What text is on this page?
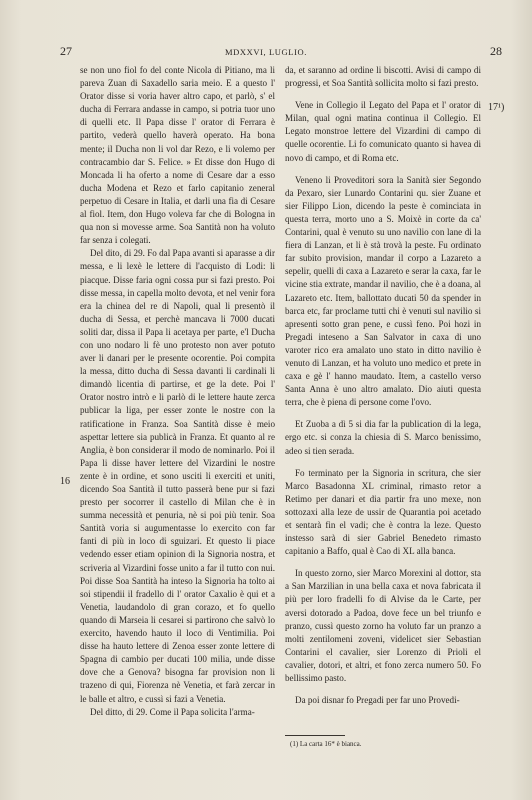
27	MDXXVI, LUGLIO.	28

se non uno fiol fo del conte Nicola di Pitiano, ma li pareva Zuan di Saxadello saria meio. E a questo l' Orator disse si voria haver altro capo, et parlò, s' el ducha di Ferrara andasse in campo, si potria tuor uno di quelli etc. Il Papa disse l' orator di Ferrara è partito, vederà quello haverà operato. Ha bona mente; il Ducha non li vol dar Rezo, e li volemo per contracambio dar S. Felice. » Et disse don Hugo di Moncada li ha oferto a nome di Cesare dar a esso ducha Modena et Rezo et farlo capitanio zeneral perpetuo di Cesare in Italia, et darli una fia di Cesare al fiol. Item, don Hugo voleva far che di Bologna in qua non si movesse arme. Soa Santità non ha voluto far senza i colegati.

Del dito, di 29. Fo dal Papa avanti si aparasse a dir messa, e li lexè le lettere di l'acquisto di Lodi: li piacque. Disse faria ogni cossa pur si fazi presto. Poi disse messa, in capella molto devota, et nel venir fora era la chinea del re di Napoli, qual li presentò il ducha di Sessa, et perchè mancava li 7000 ducati soliti dar, dissa il Papa li acetaya per parte, e'l Ducha con uno nodaro li fè uno protesto non aver potuto aver li danari per le presente ocorentie. Poi compita la messa, ditto ducha di Sessa davanti li cardinali li dimandò licentia di partirse, et ge la dete. Poi l' Orator nostro intrò e li parlò di le lettere haute zerca publicar la liga, per esser zonte le nostre con la ratificatione in Franza. Soa Santità disse è meio aspettar lettere sia publicà in Franza. Et quanto al re Anglia, è bon considerar il modo de nominarlo. Poi il Papa li disse haver lettere del Vizardini le nostre zente è in ordine, et sono usciti li exerciti et uniti, dicendo Soa Santità il tutto passerà bene pur si fazi presto per socorrer il castello di Milan che è in summa necessità et penuria, nè si poi più tenir. Soa Santità voria si augumentasse lo exercito con far fanti di più in loco di sguizari. Et questo li piace vedendo esser etiam opinion di la Signoria nostra, et scriveria al Vizardini fosse unito a far il tutto con nui. Poi disse Soa Santità ha inteso la Signoria ha tolto ai soi stipendii il fradello di l' orator Caxalio è qui et a Venetia, laudandolo di gran corazo, et fo quello quando di Marseia li cesarei si partirono che salvò lo exercito, havendo hauto il loco di Ventimilia. Poi disse ha hauto lettere di Zenoa esser zonte lettere di Spagna di cambio per ducati 100 milia, unde disse dove che a Genova? bisogna far provision non li trazeno di qui, Fiorenza nè Venetia, et farà zercar in le balle et altro, e cussì si fazi a Venetia.

Del ditto, di 29. Come il Papa solicita l'arma-

da, et saranno ad ordine li biscotti. Avisi di campo di progressi, et Soa Santità sollicita molto si fazi presto.

Vene in Collegio il Legato del Papa et l' orator di Milan, qual ogni matina continua il Collegio. El Legato monstroe lettere del Vizardini di campo di quelle ocorentie. Li fo comunicato quanto si havea di novo di campo, et di Roma etc.

Veneno li Proveditori sora la Sanità sier Segondo da Pexaro, sier Lunardo Contarini qu. sier Zuane et sier Filippo Lion, dicendo la peste è cominciata in questa terra, morto uno a S. Moixè in corte da ca' Contarini, qual è venuto su uno navilio con lane di la fiera di Lanzan, et li è stà trovà la peste. Fu ordinato far subito provision, mandar il corpo a Lazareto a sepelir, quelli di caxa a Lazareto e serar la caxa, far le vicine stia extrate, mandar il navilio, che è a doana, al Lazareto etc. Item, ballottato ducati 50 da spender in barca etc, far proclame tutti chi è venuti sul navilio si apresenti sotto gran pene, e cussì feno. Poi hozi in Pregadi inteseno a San Salvator in caxa di uno varoter rico era amalato uno stato in ditto navilio è venuto di Lanzan, et ha voluto uno medico et prete in caxa e gè l' hanno maudato. Item, a castello verso Santa Anna è uno altro amalato. Dio aiuti questa terra, che è piena di persone come l'ovo.

Et Zuoba a dì 5 si dia far la publication di la lega, ergo etc. si conza la chiesia di S. Marco benissimo, adeo si tien serada.

Fo terminato per la Signoria in scritura, che sier Marco Basadonna XL criminal, rimasto retor a Retimo per danari et dia partir fra uno mexe, non sottozaxi alla leze de ussir de Quarantia poi acetado et sentarà fin el vadi; che è contra la leze. Questo instesso sarà di sier Gabriel Benedeto rimasto capitanio a Baffo, qual è Cao di XL alla banca.

In questo zorno, sier Marco Morexini al dottor, sta a San Marzilian in una bella caxa et nova fabricata il più per loro fradelli fo di Alvise da le Carte, per aversi dotorado a Padoa, dove fece un bel triunfo e pranzo, cussì questo zorno ha voluto far un pranzo a molti zentilomeni zoveni, videlicet sier Sebastian Contarini el cavalier, sier Lorenzo di Prioli el cavalier, dotori, et altri, et fono zerca numero 50. Fo bellissimo pasto.

Da poi disnar fo Pregadi per far uno Provedi-

16
17¹)
(1) La carta 16* è bianca.
